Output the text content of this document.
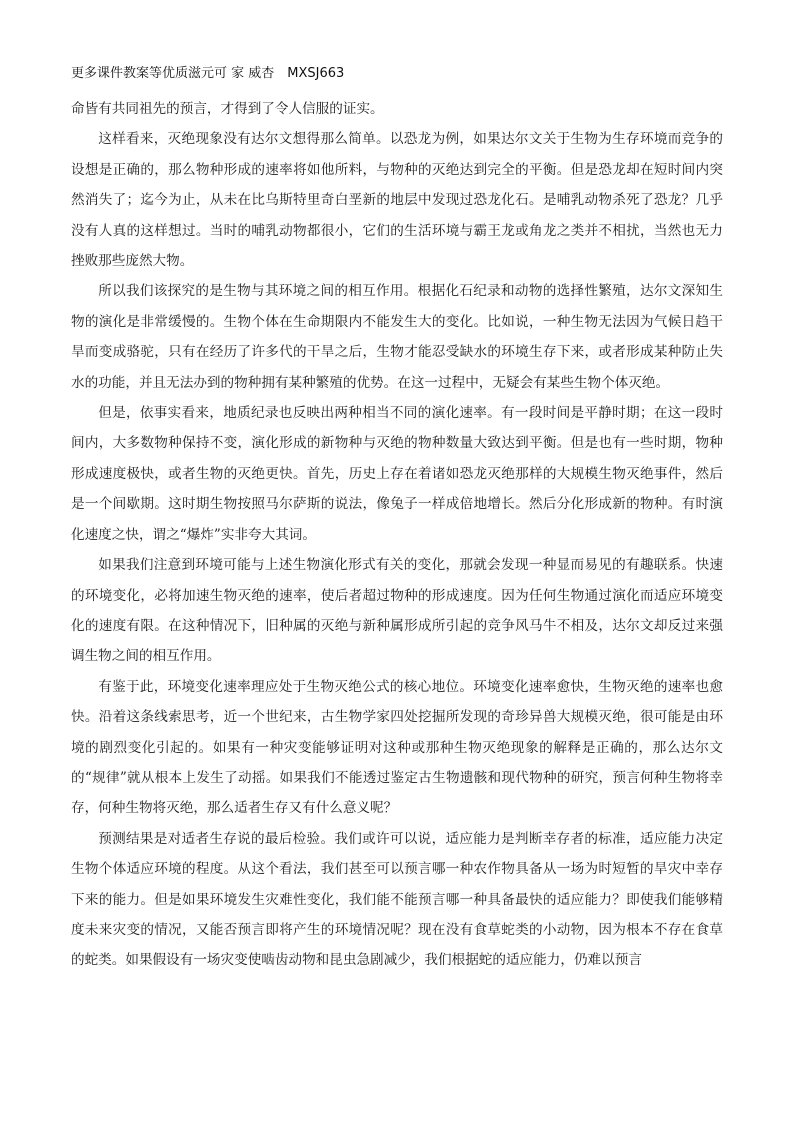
更多课件教案等优质滋元可 家 威杏　MXSJ663

命皆有共同祖先的预言，才得到了令人信服的证实。

这样看来，灭绝现象没有达尔文想得那么简单。以恐龙为例，如果达尔文关于生物为生存环境而竞争的设想是正确的，那么物种形成的速率将如他所料，与物种的灭绝达到完全的平衡。但是恐龙却在短时间内突然消失了；迄今为止，从未在比乌斯特里奇白垩新的地层中发现过恐龙化石。是哺乳动物杀死了恐龙？几乎没有人真的这样想过。当时的哺乳动物都很小，它们的生活环境与霸王龙或角龙之类并不相扰，当然也无力挫败那些庞然大物。

所以我们该探究的是生物与其环境之间的相互作用。根据化石纪录和动物的选择性繁殖，达尔文深知生物的演化是非常缓慢的。生物个体在生命期限内不能发生大的变化。比如说，一种生物无法因为气候日趋干旱而变成骆驼，只有在经历了许多代的干旱之后，生物才能忍受缺水的环境生存下来，或者形成某种防止失水的功能，并且无法办到的物种拥有某种繁殖的优势。在这一过程中，无疑会有某些生物个体灭绝。

但是，依事实看来，地质纪录也反映出两种相当不同的演化速率。有一段时间是平静时期；在这一段时间内，大多数物种保持不变，演化形成的新物种与灭绝的物种数量大致达到平衡。但是也有一些时期，物种形成速度极快，或者生物的灭绝更快。首先，历史上存在着诸如恐龙灭绝那样的大规模生物灭绝事件，然后是一个间歇期。这时期生物按照马尔萨斯的说法，像兔子一样成倍地增长。然后分化形成新的物种。有时演化速度之快，谓之“爆炸”实非夸大其词。

如果我们注意到环境可能与上述生物演化形式有关的变化，那就会发现一种显而易见的有趣联系。快速的环境变化，必将加速生物灭绝的速率，使后者超过物种的形成速度。因为任何生物通过演化而适应环境变化的速度有限。在这种情况下，旧种属的灭绝与新种属形成所引起的竞争风马牛不相及，达尔文却反过来强调生物之间的相互作用。

有鉴于此，环境变化速率理应处于生物灭绝公式的核心地位。环境变化速率愈快，生物灭绝的速率也愈快。沿着这条线索思考，近一个世纪来，古生物学家四处挖掘所发现的奇珍异兽大规模灭绝，很可能是由环境的剧烈变化引起的。如果有一种灾变能够证明对这种或那种生物灭绝现象的解释是正确的，那么达尔文的“规律”就从根本上发生了动摇。如果我们不能透过鉴定古生物遗骸和现代物种的研究，预言何种生物将幸存，何种生物将灭绝，那么适者生存又有什么意义呢？

预测结果是对适者生存说的最后检验。我们或许可以说，适应能力是判断幸存者的标准，适应能力决定生物个体适应环境的程度。从这个看法，我们甚至可以预言哪一种农作物具备从一场为时短暂的旱灾中幸存下来的能力。但是如果环境发生灾难性变化，我们能不能预言哪一种具备最快的适应能力？即使我们能够精度未来灾变的情况，又能否预言即将产生的环境情况呢？现在没有食草蛇类的小动物，因为根本不存在食草的蛇类。如果假设有一场灾变使啮齿动物和昆虫急剧减少，我们根据蛇的适应能力，仍难以预言
